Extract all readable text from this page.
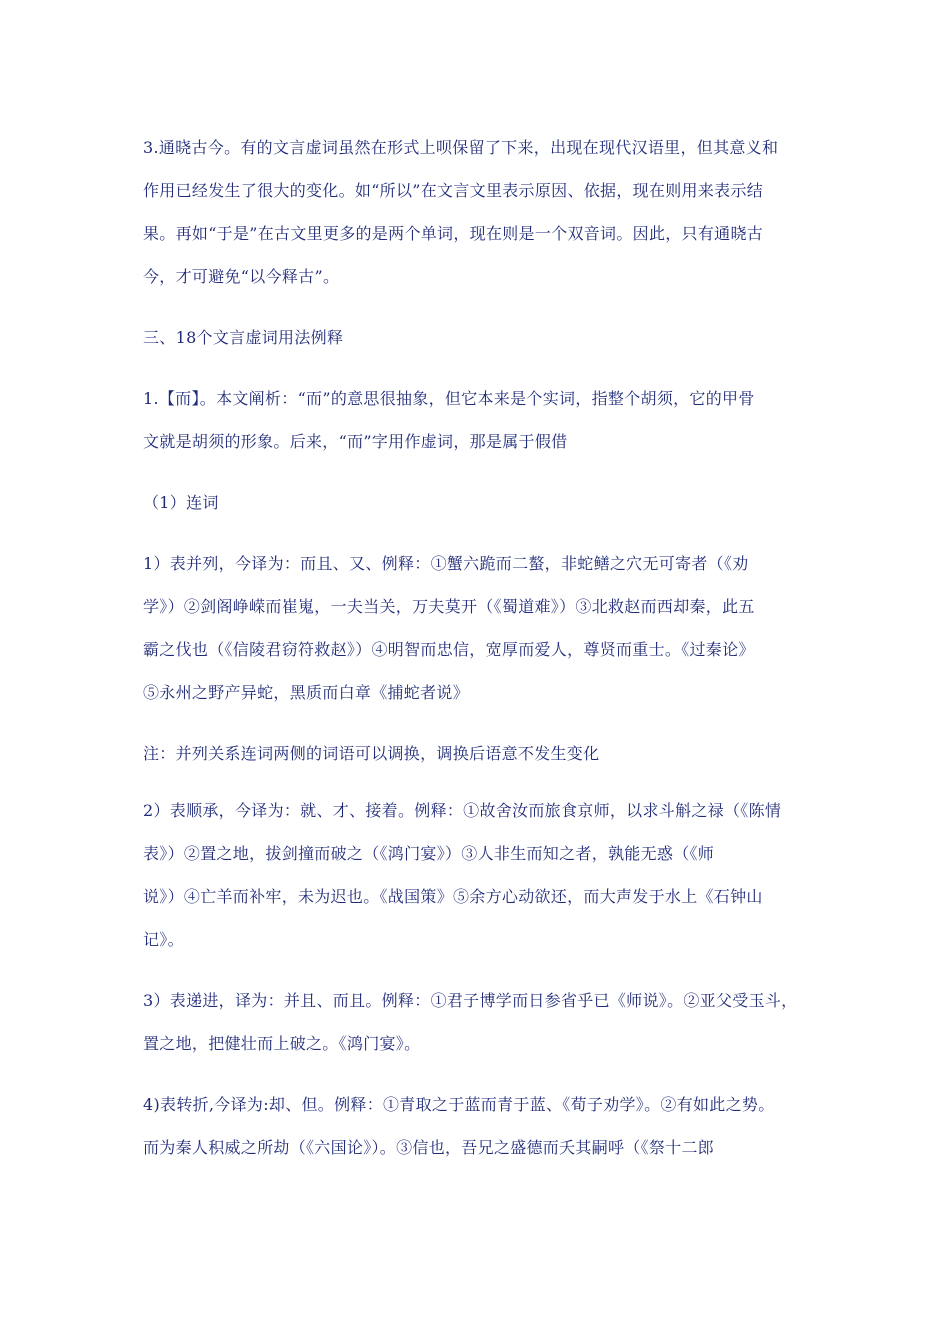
3.通晓古今。有的文言虚词虽然在形式上呗保留了下来，出现在现代汉语里，但其意义和
作用已经发生了很大的变化。如“所以”在文言文里表示原因、依据，现在则用来表示结
果。再如“于是”在古文里更多的是两个单词，现在则是一个双音词。因此，只有通晓古
今，才可避免“以今释古”。

三、18个文言虚词用法例释

1.【而】。本文阐析：“而”的意思很抽象，但它本来是个实词，指整个胡须，它的甲骨
文就是胡须的形象。后来，“而”字用作虚词，那是属于假借

（1）连词

1）表并列，今译为：而且、又、例释：①蟹六跪而二螯，非蛇鳝之穴无可寄者（《劝
学》）②剑阁峥嵘而崔嵬，一夫当关，万夫莫开（《蜀道难》）③北救赵而西却秦，此五
霸之伐也（《信陵君窃符救赵》）④明智而忠信，宽厚而爱人，尊贤而重士。《过秦论》
⑤永州之野产异蛇，黑质而白章《捕蛇者说》

注：并列关系连词两侧的词语可以调换，调换后语意不发生变化

2）表顺承，今译为：就、才、接着。例释：①故舍汝而旅食京师，以求斗斛之禄（《陈情
表》）②置之地，拔剑撞而破之（《鸿门宴》）③人非生而知之者，孰能无惑（《师
说》）④亡羊而补牢，未为迟也。《战国策》⑤余方心动欲还，而大声发于水上《石钟山
记》。

3）表递进，译为：并且、而且。例释：①君子博学而日参省乎已《师说》。②亚父受玉斗，
置之地，把健壮而上破之。《鸿门宴》。

4)表转折,今译为:却、但。例释：①青取之于蓝而青于蓝、《荀子劝学》。②有如此之势。
而为秦人积威之所劫（《六国论》）。③信也，吾兄之盛德而夭其嗣呼（《祭十二郎
